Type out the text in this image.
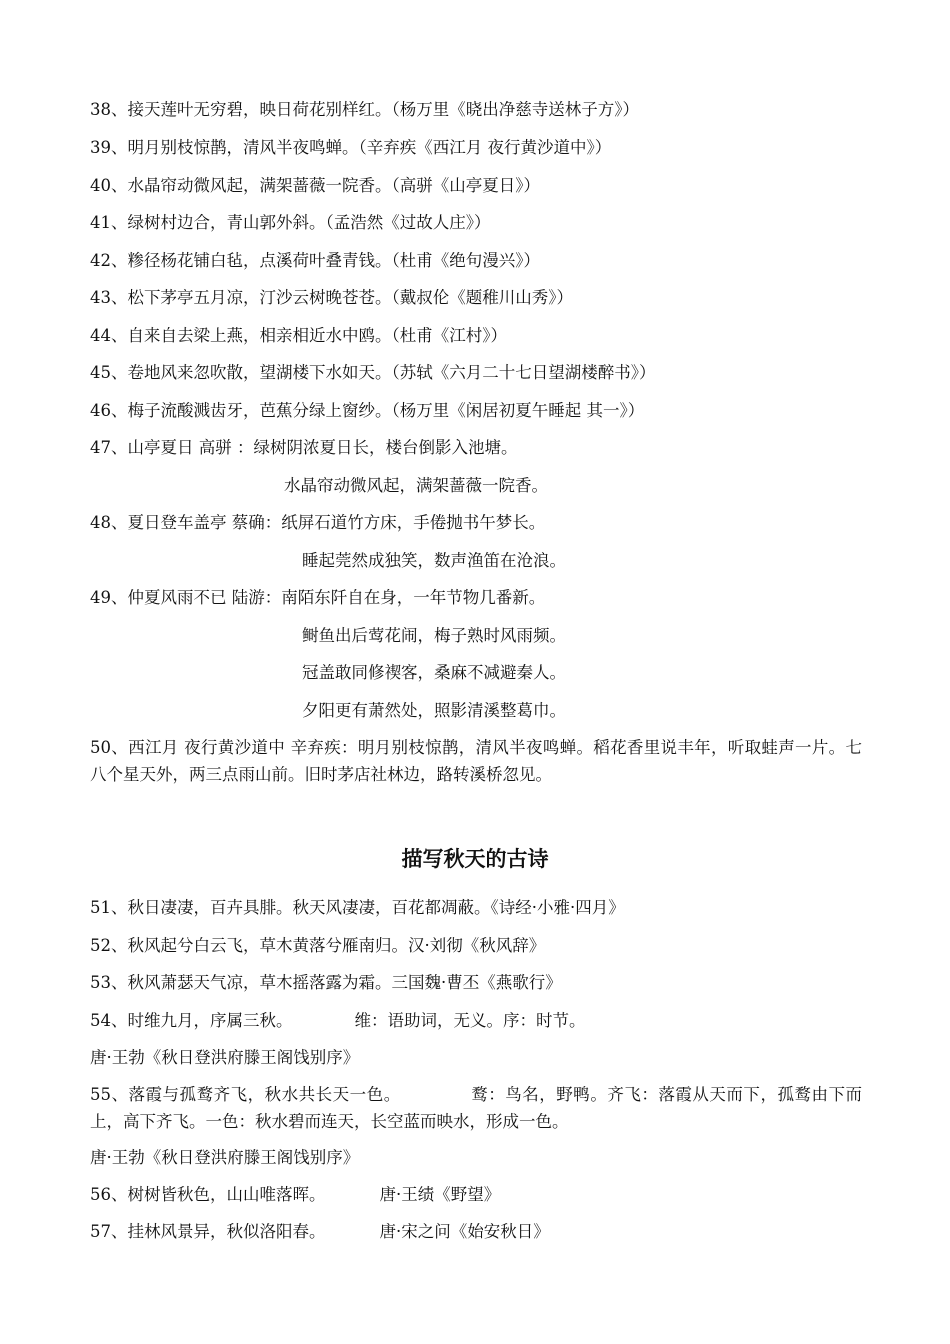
38、接天莲叶无穷碧，映日荷花别样红。（杨万里《晓出净慈寺送林子方》）
39、明月别枝惊鹊，清风半夜鸣蝉。（辛弃疾《西江月 夜行黄沙道中》）
40、水晶帘动微风起，满架蔷薇一院香。（高骈《山亭夏日》）
41、绿树村边合，青山郭外斜。（孟浩然《过故人庄》）
42、糁径杨花铺白毡，点溪荷叶叠青钱。（杜甫《绝句漫兴》）
43、松下茅亭五月凉，汀沙云树晚苍苍。（戴叔伦《题稚川山秀》）
44、自来自去梁上燕，相亲相近水中鸥。（杜甫《江村》）
45、卷地风来忽吹散，望湖楼下水如天。（苏轼《六月二十七日望湖楼醉书》）
46、梅子流酸溅齿牙，芭蕉分绿上窗纱。（杨万里《闲居初夏午睡起 其一》）
47、山亭夏日 高骈 ：绿树阴浓夏日长，楼台倒影入池塘。
水晶帘动微风起，满架蔷薇一院香。
48、夏日登车盖亭 蔡确：纸屏石道竹方床，手倦抛书午梦长。
睡起莞然成独笑，数声渔笛在沧浪。
49、仲夏风雨不已 陆游：南陌东阡自在身，一年节物几番新。
鲥鱼出后莺花闹，梅子熟时风雨频。
冠盖敢同修禊客，桑麻不减避秦人。
夕阳更有萧然处，照影清溪整葛巾。
50、西江月 夜行黄沙道中 辛弃疾：明月别枝惊鹊，清风半夜鸣蝉。稻花香里说丰年，听取蛙声一片。七八个星天外，两三点雨山前。旧时茅店社林边，路转溪桥忽见。
描写秋天的古诗
51、秋日凄凄，百卉具腓。秋天风凄凄，百花都凋蔽。《诗经·小雅·四月》
52、秋风起兮白云飞，草木黄落兮雁南归。汉·刘彻《秋风辞》
53、秋风萧瑟天气凉，草木摇落露为霜。三国魏·曹丕《燕歌行》
54、时维九月，序属三秋。	维：语助词，无义。序：时节。
唐·王勃《秋日登洪府滕王阁饯别序》
55、落霞与孤鹜齐飞，秋水共长天一色。	鹜：鸟名，野鸭。齐飞：落霞从天而下，孤鹜由下而上，高下齐飞。一色：秋水碧而连天，长空蓝而映水，形成一色。
唐·王勃《秋日登洪府滕王阁饯别序》
56、树树皆秋色，山山唯落晖。	唐·王绩《野望》
57、挂林风景异，秋似洛阳春。	唐·宋之问《始安秋日》
